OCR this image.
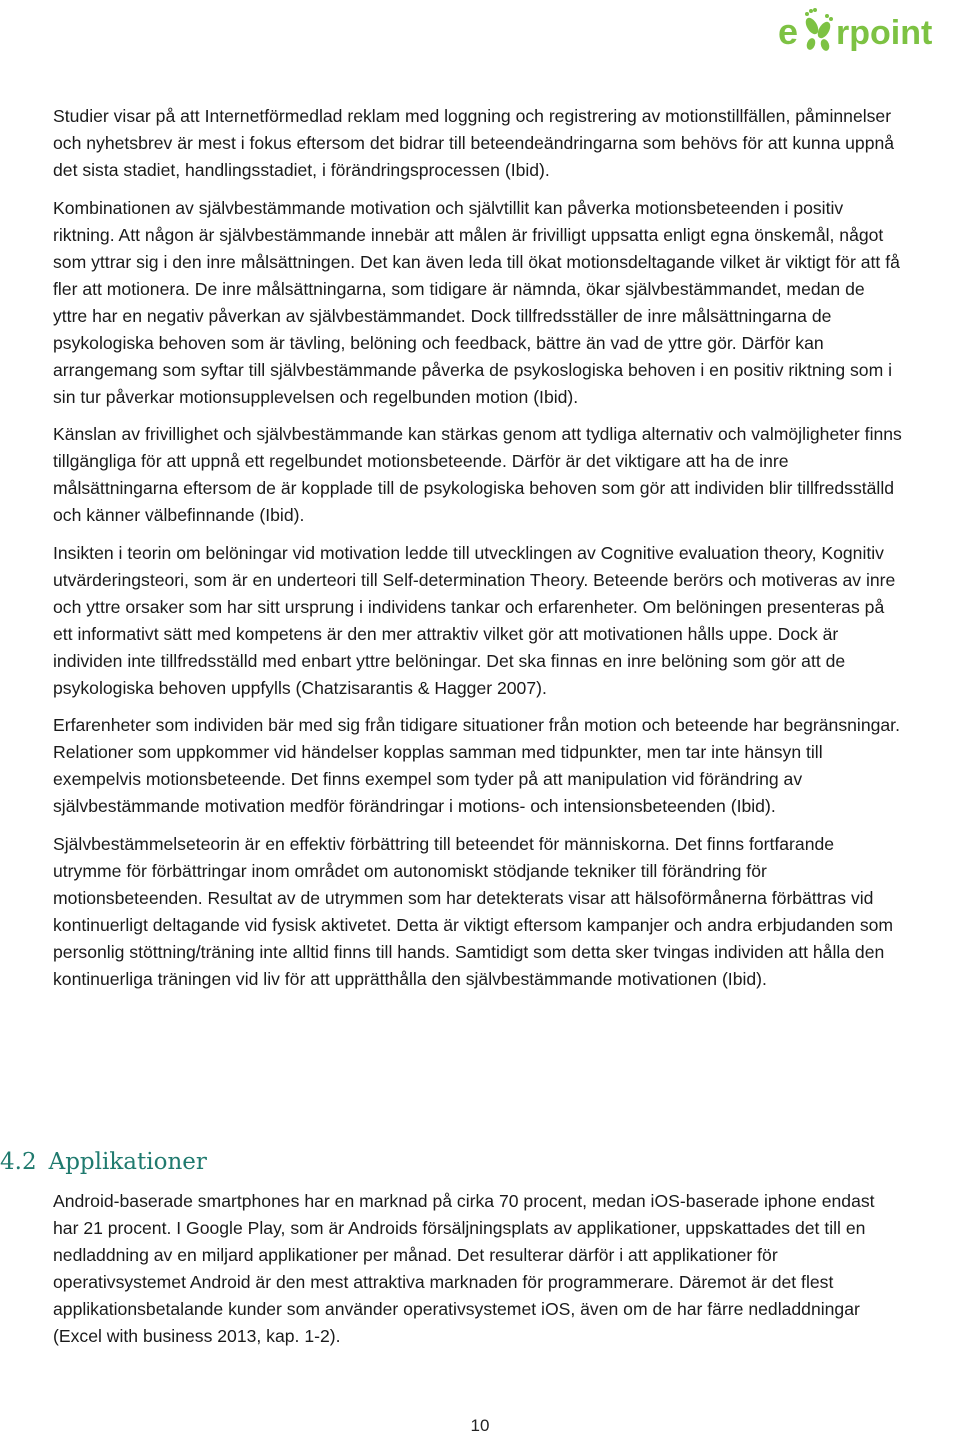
e rpoint

Studier visar på att Internetförmedlad reklam med loggning och registrering av motionstillfällen, påminnelser och nyhetsbrev är mest i fokus eftersom det bidrar till beteendeändringarna som behövs för att kunna uppnå det sista stadiet, handlingsstadiet, i förändringsprocessen (Ibid).

Kombinationen av självbestämmande motivation och självtillit kan påverka motionsbeteenden i positiv riktning. Att någon är självbestämmande innebär att målen är frivilligt uppsatta enligt egna önskemål, något som yttrar sig i den inre målsättningen. Det kan även leda till ökat motionsdeltagande vilket är viktigt för att få fler att motionera. De inre målsättningarna, som tidigare är nämnda, ökar självbestämmandet, medan de yttre har en negativ påverkan av självbestämmandet. Dock tillfredsställer de inre målsättningarna de psykologiska behoven som är tävling, belöning och feedback, bättre än vad de yttre gör. Därför kan arrangemang som syftar till självbestämmande påverka de psykoslogiska behoven i en positiv riktning som i sin tur påverkar motionsupplevelsen och regelbunden motion (Ibid).

Känslan av frivillighet och självbestämmande kan stärkas genom att tydliga alternativ och valmöjligheter finns tillgängliga för att uppnå ett regelbundet motionsbeteende. Därför är det viktigare att ha de inre målsättningarna eftersom de är kopplade till de psykologiska behoven som gör att individen blir tillfredsställd och känner välbefinnande (Ibid).

Insikten i teorin om belöningar vid motivation ledde till utvecklingen av Cognitive evaluation theory, Kognitiv utvärderingsteori, som är en underteori till Self-determination Theory. Beteende berörs och motiveras av inre och yttre orsaker som har sitt ursprung i individens tankar och erfarenheter. Om belöningen presenteras på ett informativt sätt med kompetens är den mer attraktiv vilket gör att motivationen hålls uppe. Dock är individen inte tillfredsställd med enbart yttre belöningar. Det ska finnas en inre belöning som gör att de psykologiska behoven uppfylls (Chatzisarantis & Hagger 2007).

Erfarenheter som individen bär med sig från tidigare situationer från motion och beteende har begränsningar. Relationer som uppkommer vid händelser kopplas samman med tidpunkter, men tar inte hänsyn till exempelvis motionsbeteende. Det finns exempel som tyder på att manipulation vid förändring av självbestämmande motivation medför förändringar i motions- och intensionsbeteenden (Ibid).

Självbestämmelseteorin är en effektiv förbättring till beteendet för människorna. Det finns fortfarande utrymme för förbättringar inom området om autonomiskt stödjande tekniker till förändring för motionsbeteenden. Resultat av de utrymmen som har detekterats visar att hälsoförmånerna förbättras vid kontinuerligt deltagande vid fysisk aktivetet. Detta är viktigt eftersom kampanjer och andra erbjudanden som personlig stöttning/träning inte alltid finns till hands. Samtidigt som detta sker tvingas individen att hålla den kontinuerliga träningen vid liv för att upprätthålla den självbestämmande motivationen (Ibid).

4.2 Applikationer

Android-baserade smartphones har en marknad på cirka 70 procent, medan iOS-baserade iphone endast har 21 procent. I Google Play, som är Androids försäljningsplats av applikationer, uppskattades det till en nedladdning av en miljard applikationer per månad. Det resulterar därför i att applikationer för operativsystemet Android är den mest attraktiva marknaden för programmerare. Däremot är det flest applikationsbetalande kunder som använder operativsystemet iOS, även om de har färre nedladdningar (Excel with business 2013, kap. 1-2).

10
